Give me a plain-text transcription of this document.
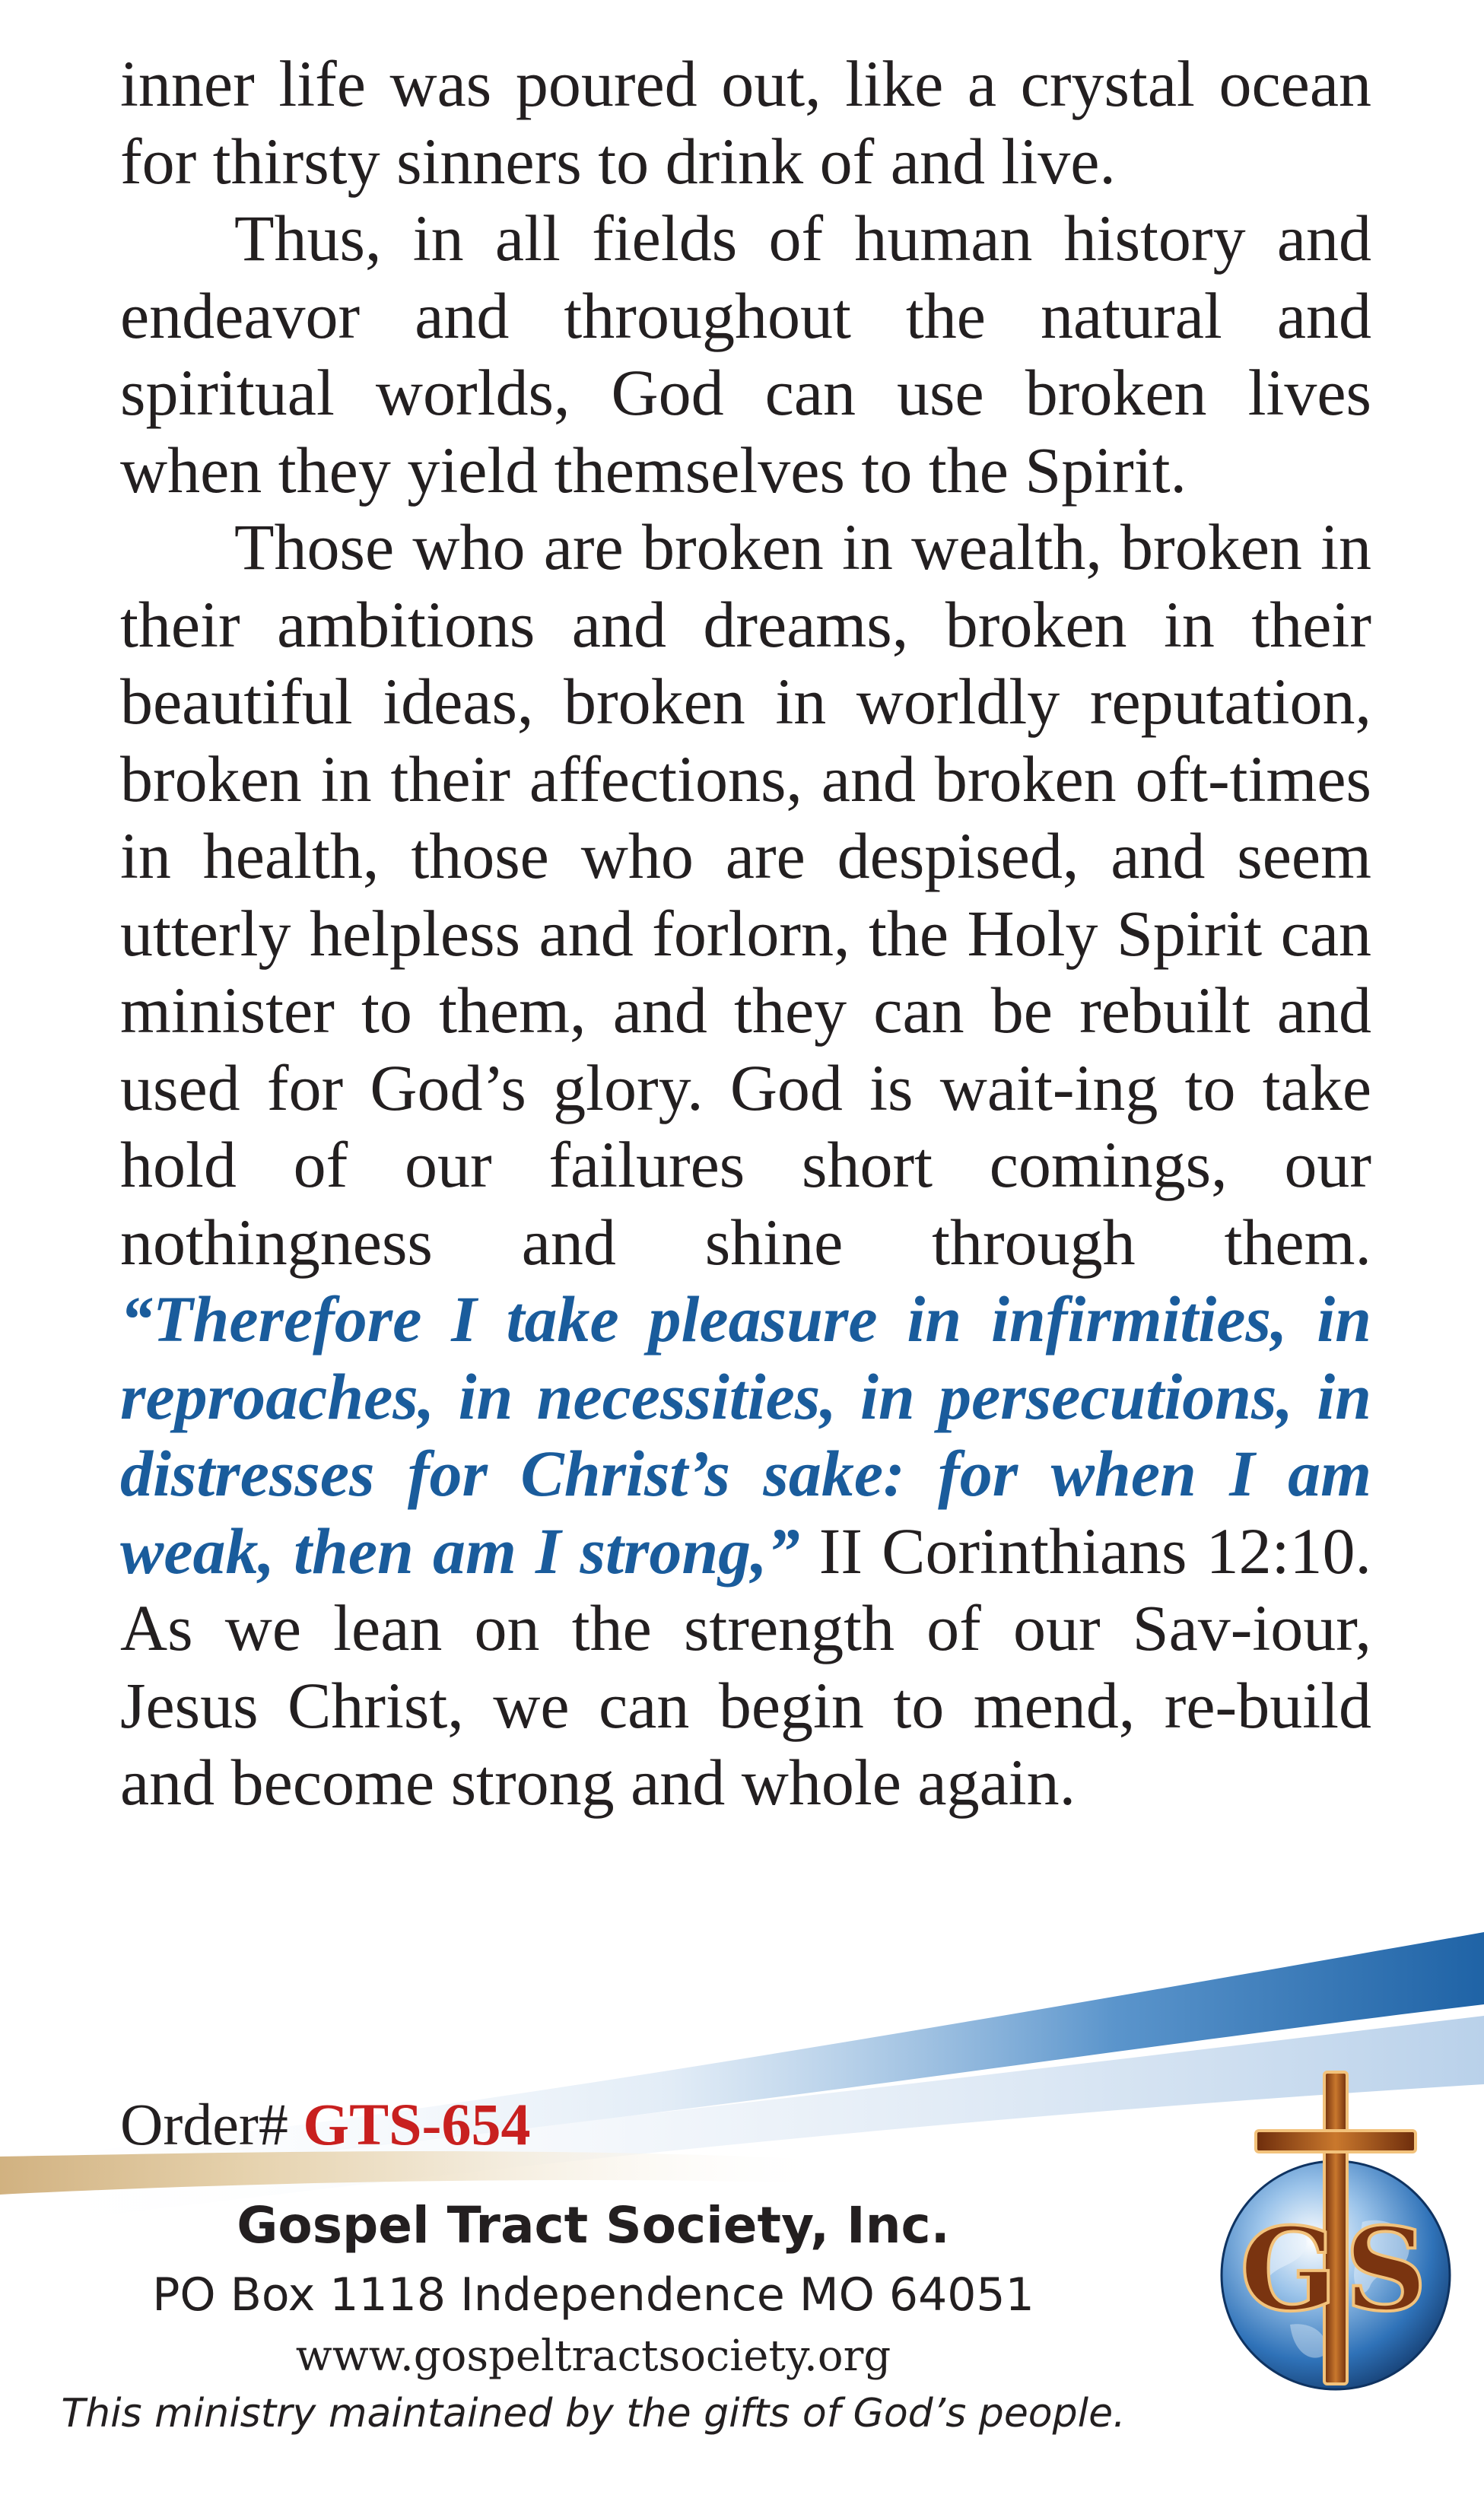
inner life was poured out, like a crystal ocean for thirsty sinners to drink of and live.

Thus, in all fields of human history and endeavor and throughout the natural and spiritual worlds, God can use broken lives when they yield themselves to the Spirit.

Those who are broken in wealth, broken in their ambitions and dreams, broken in their beautiful ideas, broken in worldly reputation, broken in their affections, and broken oft-times in health, those who are despised, and seem utterly helpless and forlorn, the Holy Spirit can minister to them, and they can be rebuilt and used for God’s glory. God is wait-ing to take hold of our failures short comings, our nothingness and shine through them. “Therefore I take pleasure in infirmities, in reproaches, in necessities, in persecutions, in distresses for Christ’s sake: for when I am weak, then am I strong,” II Corinthians 12:10. As we lean on the strength of our Sav-iour, Jesus Christ, we can begin to mend, re-build and become strong and whole again.

Order# GTS-654
Gospel Tract Society, Inc.
PO Box 1118 Independence MO 64051
www.gospeltractsociety.org
This ministry maintained by the gifts of God’s people.
G S
